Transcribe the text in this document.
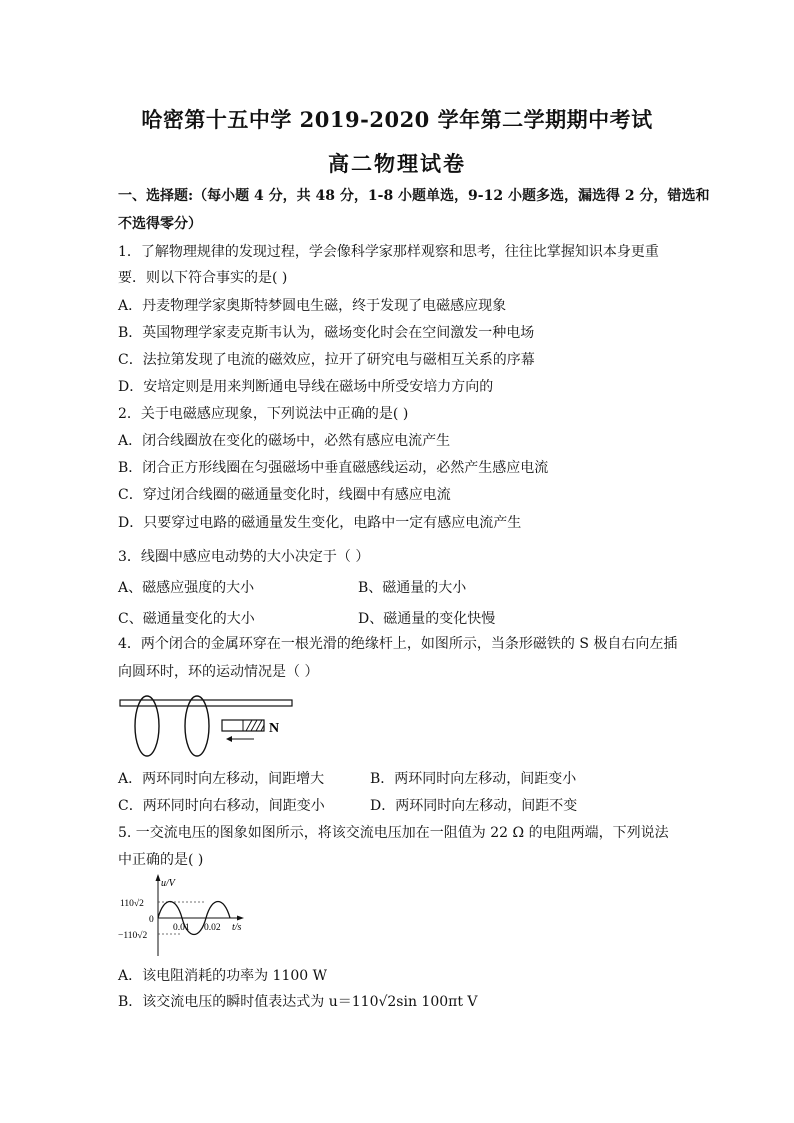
哈密第十五中学 2019-2020 学年第二学期期中考试
高二物理试卷
一、选择题:（每小题 4 分，共 48 分，1-8 小题单选，9-12 小题多选，漏选得 2 分，错选和
不选得零分）
1．了解物理规律的发现过程，学会像科学家那样观察和思考，往往比掌握知识本身更重
要．则以下符合事实的是( )
A．丹麦物理学家奥斯特梦圆电生磁，终于发现了电磁感应现象
B．英国物理学家麦克斯韦认为，磁场变化时会在空间激发一种电场
C．法拉第发现了电流的磁效应，拉开了研究电与磁相互关系的序幕
D．安培定则是用来判断通电导线在磁场中所受安培力方向的
2．关于电磁感应现象，下列说法中正确的是( )
A．闭合线圈放在变化的磁场中，必然有感应电流产生
B．闭合正方形线圈在匀强磁场中垂直磁感线运动，必然产生感应电流
C．穿过闭合线圈的磁通量变化时，线圈中有感应电流
D．只要穿过电路的磁通量发生变化，电路中一定有感应电流产生
3．线圈中感应电动势的大小决定于（ ）
A、磁感应强度的大小	B、磁通量的大小
C、磁通量变化的大小	D、磁通量的变化快慢
4．两个闭合的金属环穿在一根光滑的绝缘杆上，如图所示，当条形磁铁的 S 极自右向左插
向圆环时，环的运动情况是（ ）
N
A．两环同时向左移动，间距增大	B．两环同时向左移动，间距变小
C．两环同时向右移动，间距变小	D．两环同时向左移动，间距不变
5. 一交流电压的图象如图所示，将该交流电压加在一阻值为 22 Ω 的电阻两端，下列说法
中正确的是( )
u/V
110√2
0
−110√2
0.01 0.02 t/s
A．该电阻消耗的功率为 1100 W
B．该交流电压的瞬时值表达式为 u＝110√2sin 100πt V
